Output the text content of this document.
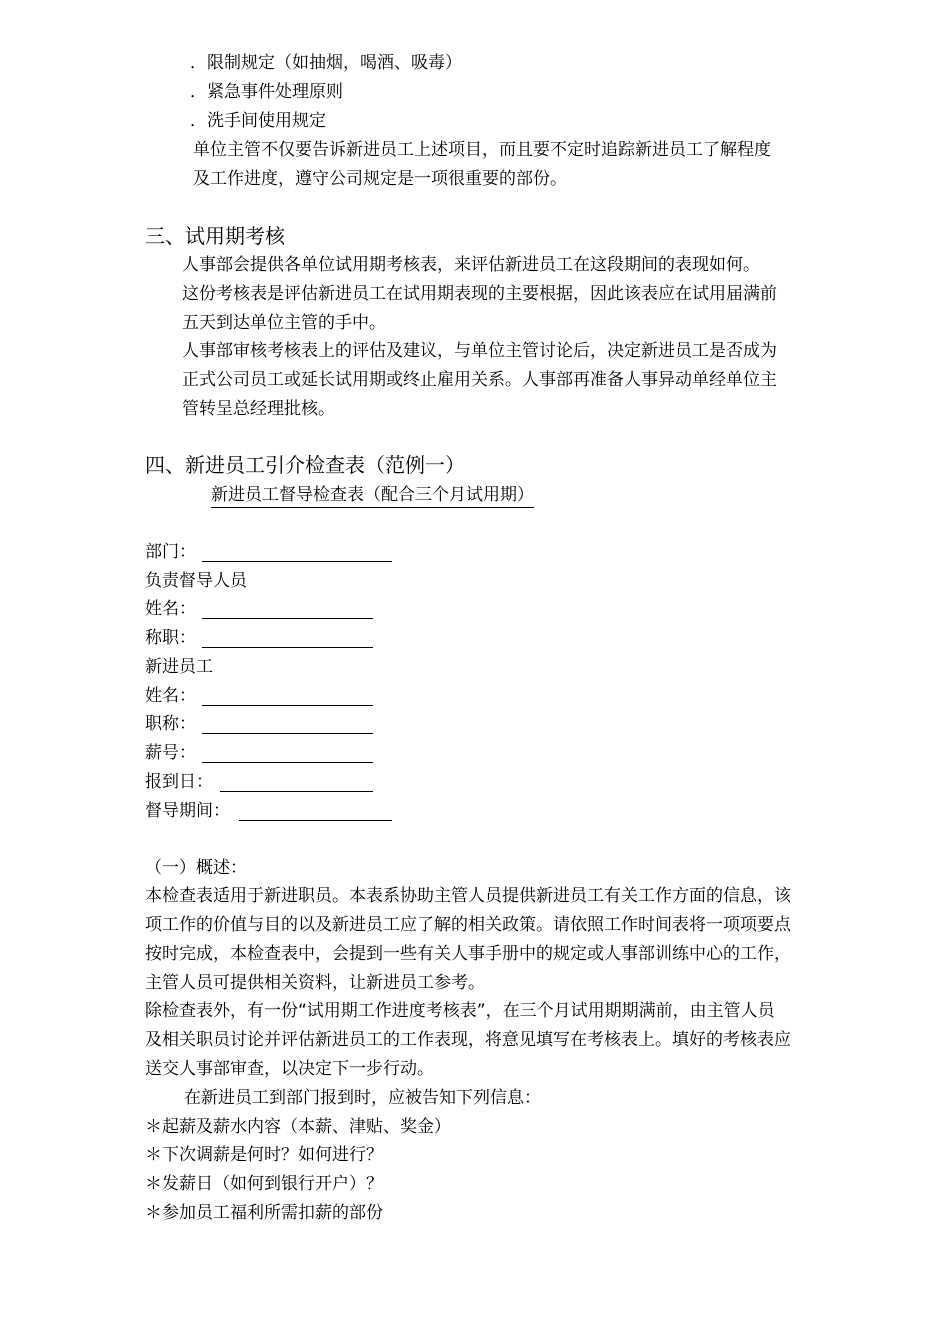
．限制规定（如抽烟，喝酒、吸毒）
．紧急事件处理原则
．洗手间使用规定
单位主管不仅要告诉新进员工上述项目，而且要不定时追踪新进员工了解程度
及工作进度，遵守公司规定是一项很重要的部份。
三、试用期考核
人事部会提供各单位试用期考核表，来评估新进员工在这段期间的表现如何。
这份考核表是评估新进员工在试用期表现的主要根据，因此该表应在试用届满前
五天到达单位主管的手中。
人事部审核考核表上的评估及建议，与单位主管讨论后，决定新进员工是否成为
正式公司员工或延长试用期或终止雇用关系。人事部再准备人事异动单经单位主
管转呈总经理批核。
四、新进员工引介检查表（范例一）
新进员工督导检查表（配合三个月试用期）
部门：
负责督导人员
姓名：
称职：
新进员工
姓名：
职称：
薪号：
报到日：
督导期间：
（一）概述：
本检查表适用于新进职员。本表系协助主管人员提供新进员工有关工作方面的信息，该
项工作的价值与目的以及新进员工应了解的相关政策。请依照工作时间表将一项项要点
按时完成，本检查表中，会提到一些有关人事手册中的规定或人事部训练中心的工作，
主管人员可提供相关资料，让新进员工参考。
除检查表外，有一份“试用期工作进度考核表”，在三个月试用期期满前，由主管人员
及相关职员讨论并评估新进员工的工作表现，将意见填写在考核表上。填好的考核表应
送交人事部审查，以决定下一步行动。
在新进员工到部门报到时，应被告知下列信息：
＊起薪及薪水内容（本薪、津贴、奖金）
＊下次调薪是何时？如何进行？
＊发薪日（如何到银行开户）？
＊参加员工福利所需扣薪的部份
